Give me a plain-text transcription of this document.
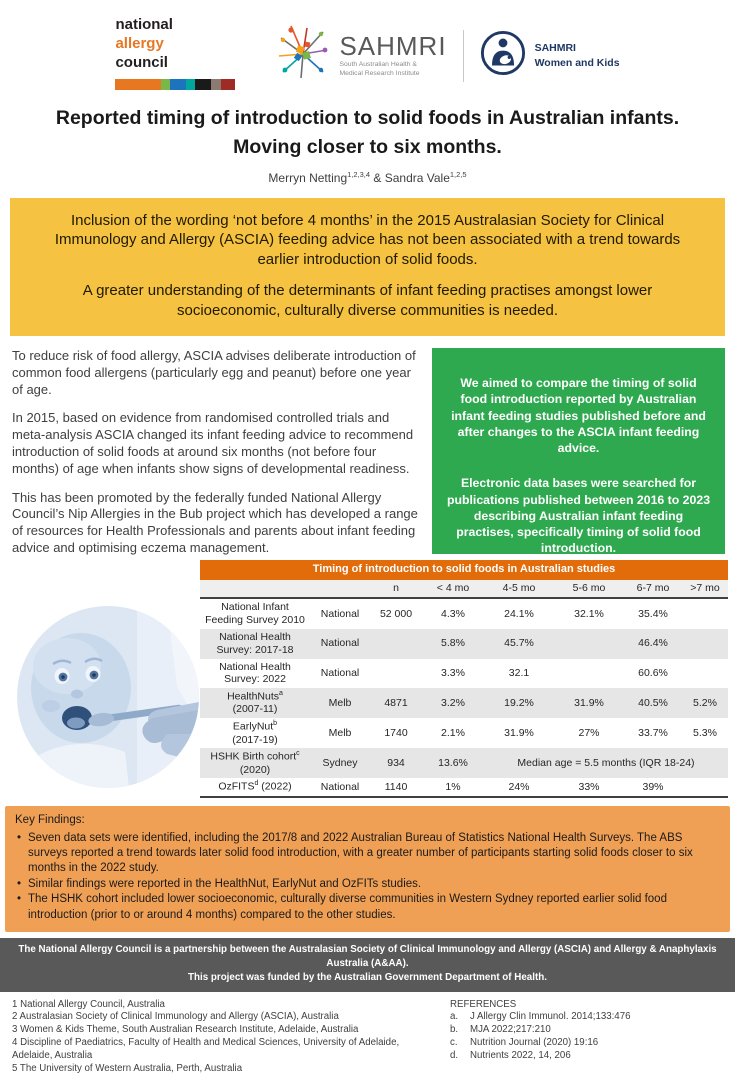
national
allergy
council
SAHMRI
South Australian Health &
Medical Research Institute
SAHMRI
Women and Kids
Reported timing of introduction to solid foods in Australian infants.
Moving closer to six months.
Merryn Netting$^{1,2,3,4}$ & Sandra Vale$^{1,2,5}$

Inclusion of the wording ‘not before 4 months’ in the 2015 Australasian Society for Clinical Immunology and Allergy (ASCIA) feeding advice has not been associated with a trend towards earlier introduction of solid foods.

A greater understanding of the determinants of infant feeding practises amongst lower socioeconomic, culturally diverse communities is needed.

To reduce risk of food allergy, ASCIA advises deliberate introduction of common food allergens (particularly egg and peanut) before one year of age.

In 2015, based on evidence from randomised controlled trials and meta-analysis ASCIA changed its infant feeding advice to recommend introduction of solid foods at around six months (not before four months) of age when infants show signs of developmental readiness.

This has been promoted by the federally funded National Allergy Council’s Nip Allergies in the Bub project which has developed a range of resources for Health Professionals and parents about infant feeding advice and optimising eczema management.

We aimed to compare the timing of solid food introduction reported by Australian infant feeding studies published before and after changes to the ASCIA infant feeding advice.

Electronic data bases were searched for publications published between 2016 to 2023 describing Australian infant feeding practises, specifically timing of solid food introduction.

Timing of introduction to solid foods in Australian studies							
		n	< 4 mo	4-5 mo	5-6 mo	6-7 mo	>7 mo
National Infant
Feeding Survey 2010	National	52 000	4.3%	24.1%	32.1%	35.4%	
National Health
Survey: 2017-18	National		5.8%	45.7%		46.4%	
National Health
Survey: 2022	National		3.3%	32.1		60.6%	
HealthNuts$^a$
(2007-11)	Melb	4871	3.2%	19.2%	31.9%	40.5%	5.2%
EarlyNut$^b$
(2017-19)	Melb	1740	2.1%	31.9%	27%	33.7%	5.3%
HSHK Birth cohort$^c$
(2020)	Sydney	934	13.6%	Median age = 5.5 months (IQR 18-24)			
OzFITS$^d$ (2022)	National	1140	1%	24%	33%	39%	
Key Findings:
• Seven data sets were identified, including the 2017/8 and 2022 Australian Bureau of Statistics National Health Surveys. The ABS surveys reported a trend towards later solid food introduction, with a greater number of participants starting solid foods closer to six months in the 2022 study.
• Similar findings were reported in the HealthNut, EarlyNut and OzFITs studies.
• The HSHK cohort included lower socioeconomic, culturally diverse communities in Western Sydney reported earlier solid food introduction (prior to or around 4 months) compared to the other studies.
The National Allergy Council is a partnership between the Australasian Society of Clinical Immunology and Allergy (ASCIA) and Allergy & Anaphylaxis Australia (A&AA).
This project was funded by the Australian Government Department of Health.
1 National Allergy Council, Australia
2 Australasian Society of Clinical Immunology and Allergy (ASCIA), Australia
3 Women & Kids Theme, South Australian Research Institute, Adelaide, Australia
4 Discipline of Paediatrics, Faculty of Health and Medical Sciences, University of Adelaide, Adelaide, Australia
5 The University of Western Australia, Perth, Australia
REFERENCES
a.	J Allergy Clin Immunol. 2014;133:476
b.	MJA 2022;217:210
c.	Nutrition Journal (2020) 19:16
d.	Nutrients 2022, 14, 206
